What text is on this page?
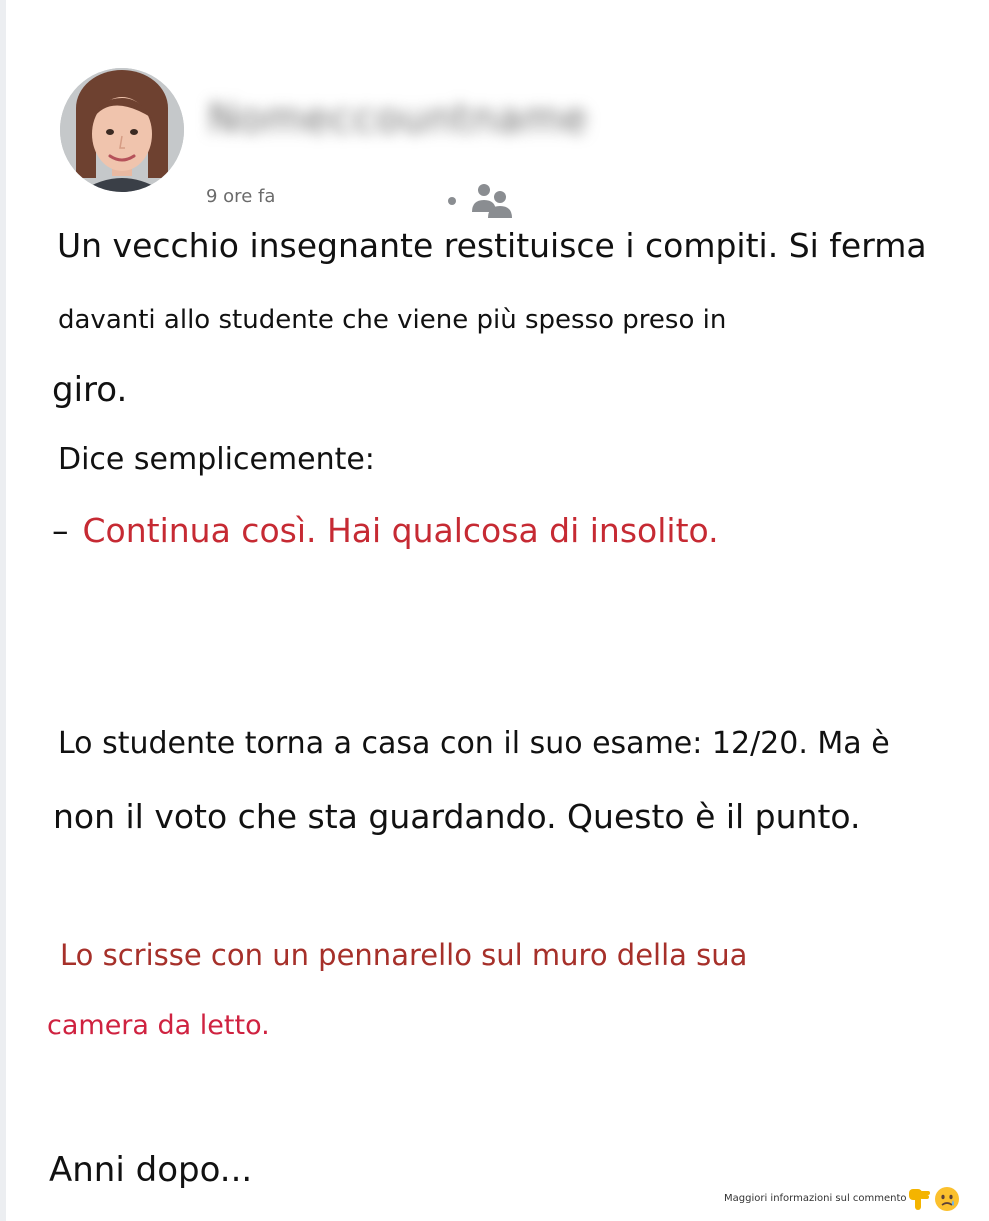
Nomeccountname
9 ore fa

Un vecchio insegnante restituisce i compiti. Si ferma

davanti allo studente che viene più spesso preso in

giro.

Dice semplicemente:

– Continua così. Hai qualcosa di insolito.

Lo studente torna a casa con il suo esame: 12/20. Ma è

non il voto che sta guardando. Questo è il punto.

Lo scrisse con un pennarello sul muro della sua

camera da letto.

Anni dopo...

Maggiori informazioni sul commento
